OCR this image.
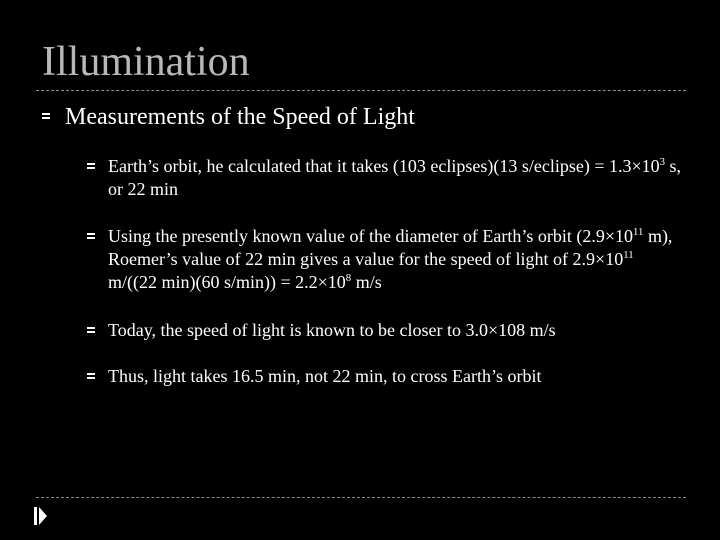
Illumination
Measurements of the Speed of Light
Earth’s orbit, he calculated that it takes (103 eclipses)(13 s/eclipse) = $1.3\times 10^3$ s, or 22 min
Using the presently known value of the diameter of Earth’s orbit ($2.9\times 10^{11}$ m), Roemer’s value of 22 min gives a value for the speed of light of $2.9\times 10^{11}$ m/((22 min)(60 $s/\min)) = 2.2\times 10^8$ m/s
Today, the speed of light is known to be closer to 3.0×108 m/s
Thus, light takes 16.5 min, not 22 min, to cross Earth’s orbit
